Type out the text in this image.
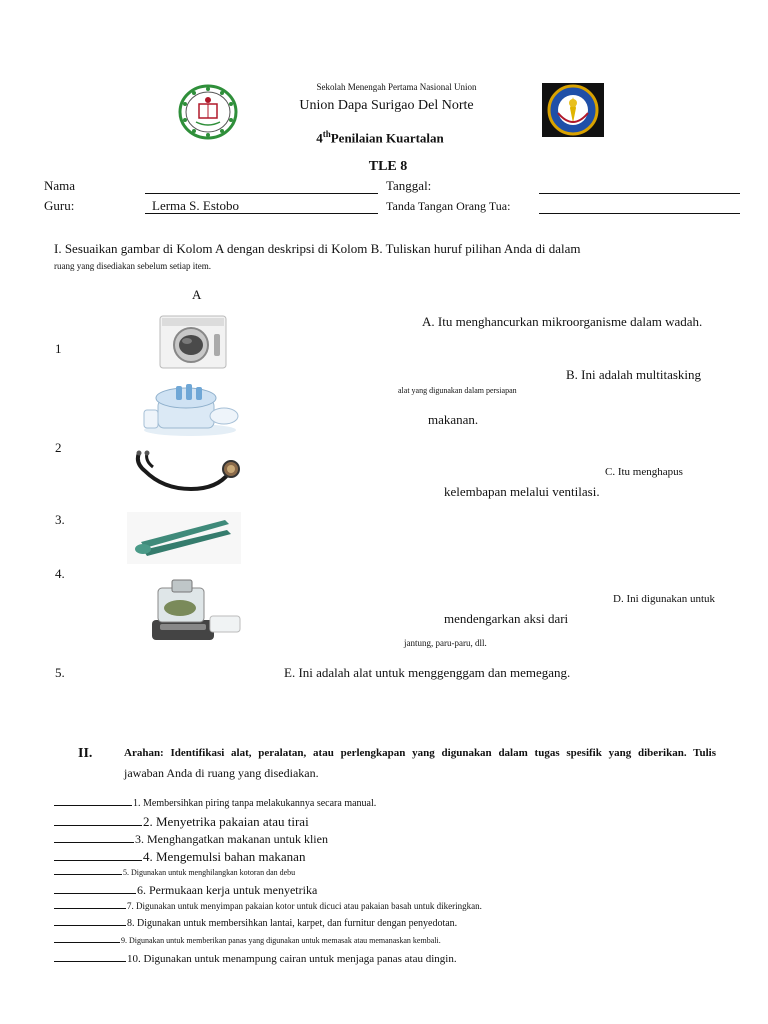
Sekolah Menengah Pertama Nasional Union
Union Dapa Surigao Del Norte
4thPenilaian Kuartalan
TLE 8
Nama	Tanggal:
Guru:	Lerma S. Estobo	Tanda Tangan Orang Tua:
I. Sesuaikan gambar di Kolom A dengan deskripsi di Kolom B. Tuliskan huruf pilihan Anda di dalam
ruang yang disediakan sebelum setiap item.
A
1
2
3.
4.
5.
A. Itu menghancurkan mikroorganisme dalam wadah.
B. Ini adalah multitasking
alat yang digunakan dalam persiapan
makanan.
C. Itu menghapus
kelembapan melalui ventilasi.
D. Ini digunakan untuk
mendengarkan aksi dari
jantung, paru-paru, dll.
E. Ini adalah alat untuk menggenggam dan memegang.
II.	Arahan: Identifikasi alat, peralatan, atau perlengkapan yang digunakan dalam tugas spesifik yang diberikan. Tulis
jawaban Anda di ruang yang disediakan.
1. Membersihkan piring tanpa melakukannya secara manual.
2. Menyetrika pakaian atau tirai
3. Menghangatkan makanan untuk klien
4. Mengemulsi bahan makanan
5. Digunakan untuk menghilangkan kotoran dan debu
6. Permukaan kerja untuk menyetrika
7. Digunakan untuk menyimpan pakaian kotor untuk dicuci atau pakaian basah untuk dikeringkan.
8. Digunakan untuk membersihkan lantai, karpet, dan furnitur dengan penyedotan.
9. Digunakan untuk memberikan panas yang digunakan untuk memasak atau memanaskan kembali.
10. Digunakan untuk menampung cairan untuk menjaga panas atau dingin.
